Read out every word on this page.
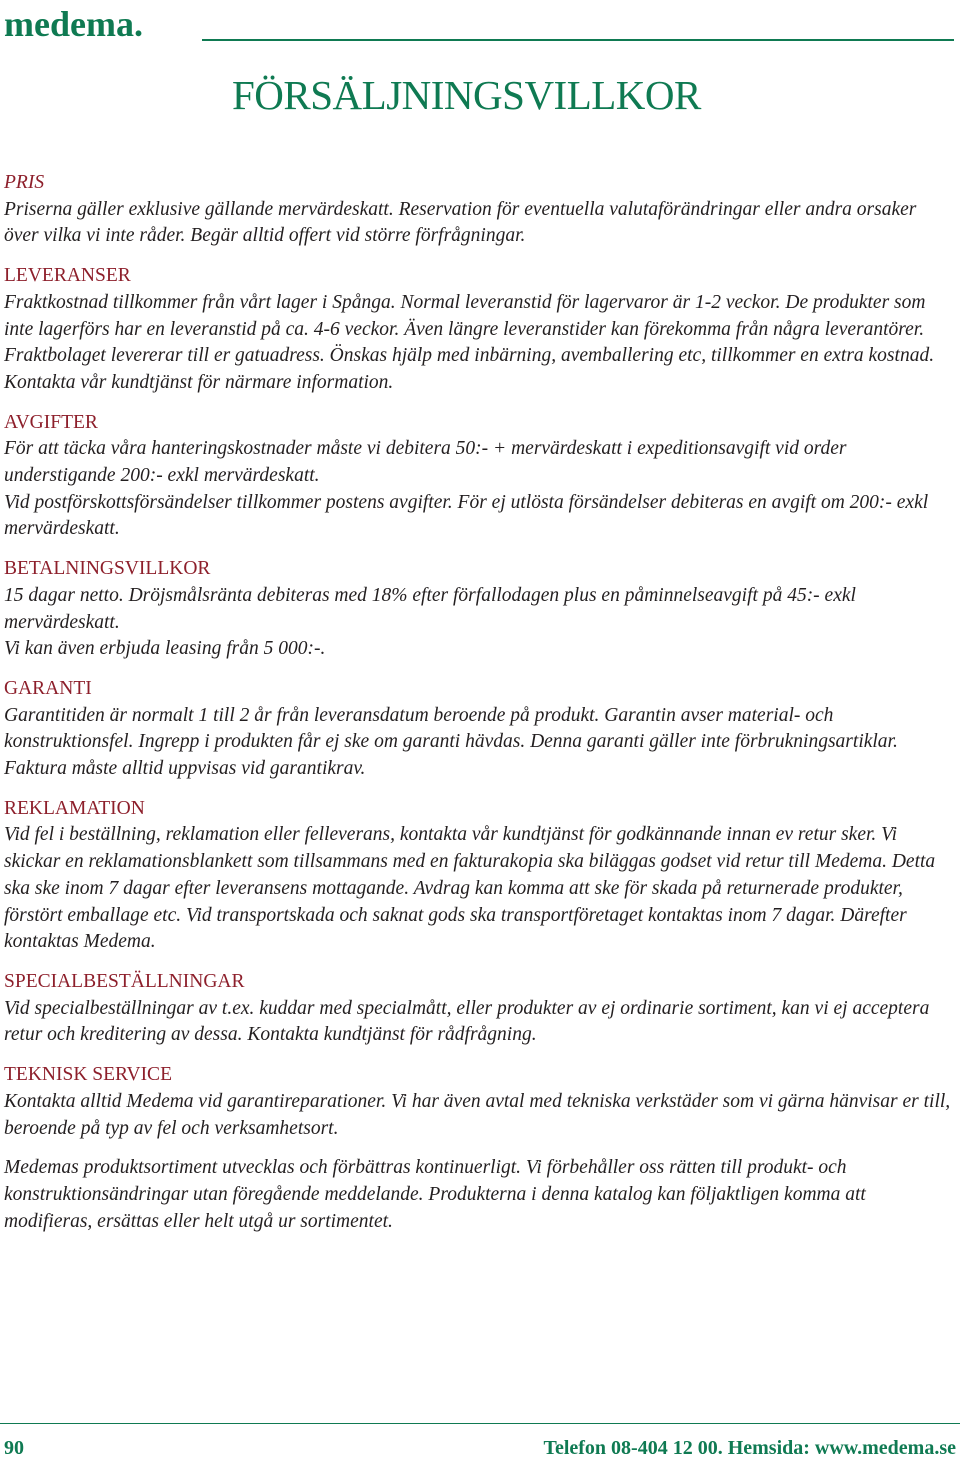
medema.
FÖRSÄLJNINGSVILLKOR
PRIS

Priserna gäller exklusive gällande mervärdeskatt. Reservation för eventuella valutaförändringar eller andra orsaker över vilka vi inte råder. Begär alltid offert vid större förfrågningar.

LEVERANSER

Fraktkostnad tillkommer från vårt lager i Spånga. Normal leveranstid för lagervaror är 1-2 veckor. De produkter som inte lagerförs har en leveranstid på ca. 4-6 veckor. Även längre leveranstider kan förekomma från några leverantörer. Fraktbolaget levererar till er gatuadress. Önskas hjälp med inbärning, avemballering etc, tillkommer en extra kostnad. Kontakta vår kundtjänst för närmare information.

AVGIFTER

För att täcka våra hanteringskostnader måste vi debitera 50:- + mervärdeskatt i expeditionsavgift vid order understigande 200:- exkl mervärdeskatt.

Vid postförskottsförsändelser tillkommer postens avgifter. För ej utlösta försändelser debiteras en avgift om 200:- exkl mervärdeskatt.

BETALNINGSVILLKOR

15 dagar netto. Dröjsmålsränta debiteras med 18% efter förfallodagen plus en påminnelseavgift på 45:- exkl mervärdeskatt.

Vi kan även erbjuda leasing från 5 000:-.

GARANTI

Garantitiden är normalt 1 till 2 år från leveransdatum beroende på produkt. Garantin avser material- och konstruktionsfel. Ingrepp i produkten får ej ske om garanti hävdas. Denna garanti gäller inte förbrukningsartiklar. Faktura måste alltid uppvisas vid garantikrav.

REKLAMATION

Vid fel i beställning, reklamation eller felleverans, kontakta vår kundtjänst för godkännande innan ev retur sker. Vi skickar en reklamationsblankett som tillsammans med en fakturakopia ska biläggas godset vid retur till Medema. Detta ska ske inom 7 dagar efter leveransens mottagande. Avdrag kan komma att ske för skada på returnerade produkter, förstört emballage etc. Vid transportskada och saknat gods ska transportföretaget kontaktas inom 7 dagar. Därefter kontaktas Medema.

SPECIALBESTÄLLNINGAR

Vid specialbeställningar av t.ex. kuddar med specialmått, eller produkter av ej ordinarie sortiment, kan vi ej acceptera retur och kreditering av dessa. Kontakta kundtjänst för rådfrågning.

TEKNISK SERVICE

Kontakta alltid Medema vid garantireparationer. Vi har även avtal med tekniska verkstäder som vi gärna hänvisar er till, beroende på typ av fel och verksamhetsort.

Medemas produktsortiment utvecklas och förbättras kontinuerligt. Vi förbehåller oss rätten till produkt- och konstruktionsändringar utan föregående meddelande. Produkterna i denna katalog kan följaktligen komma att modifieras, ersättas eller helt utgå ur sortimentet.

90	Telefon 08-404 12 00. Hemsida: www.medema.se
